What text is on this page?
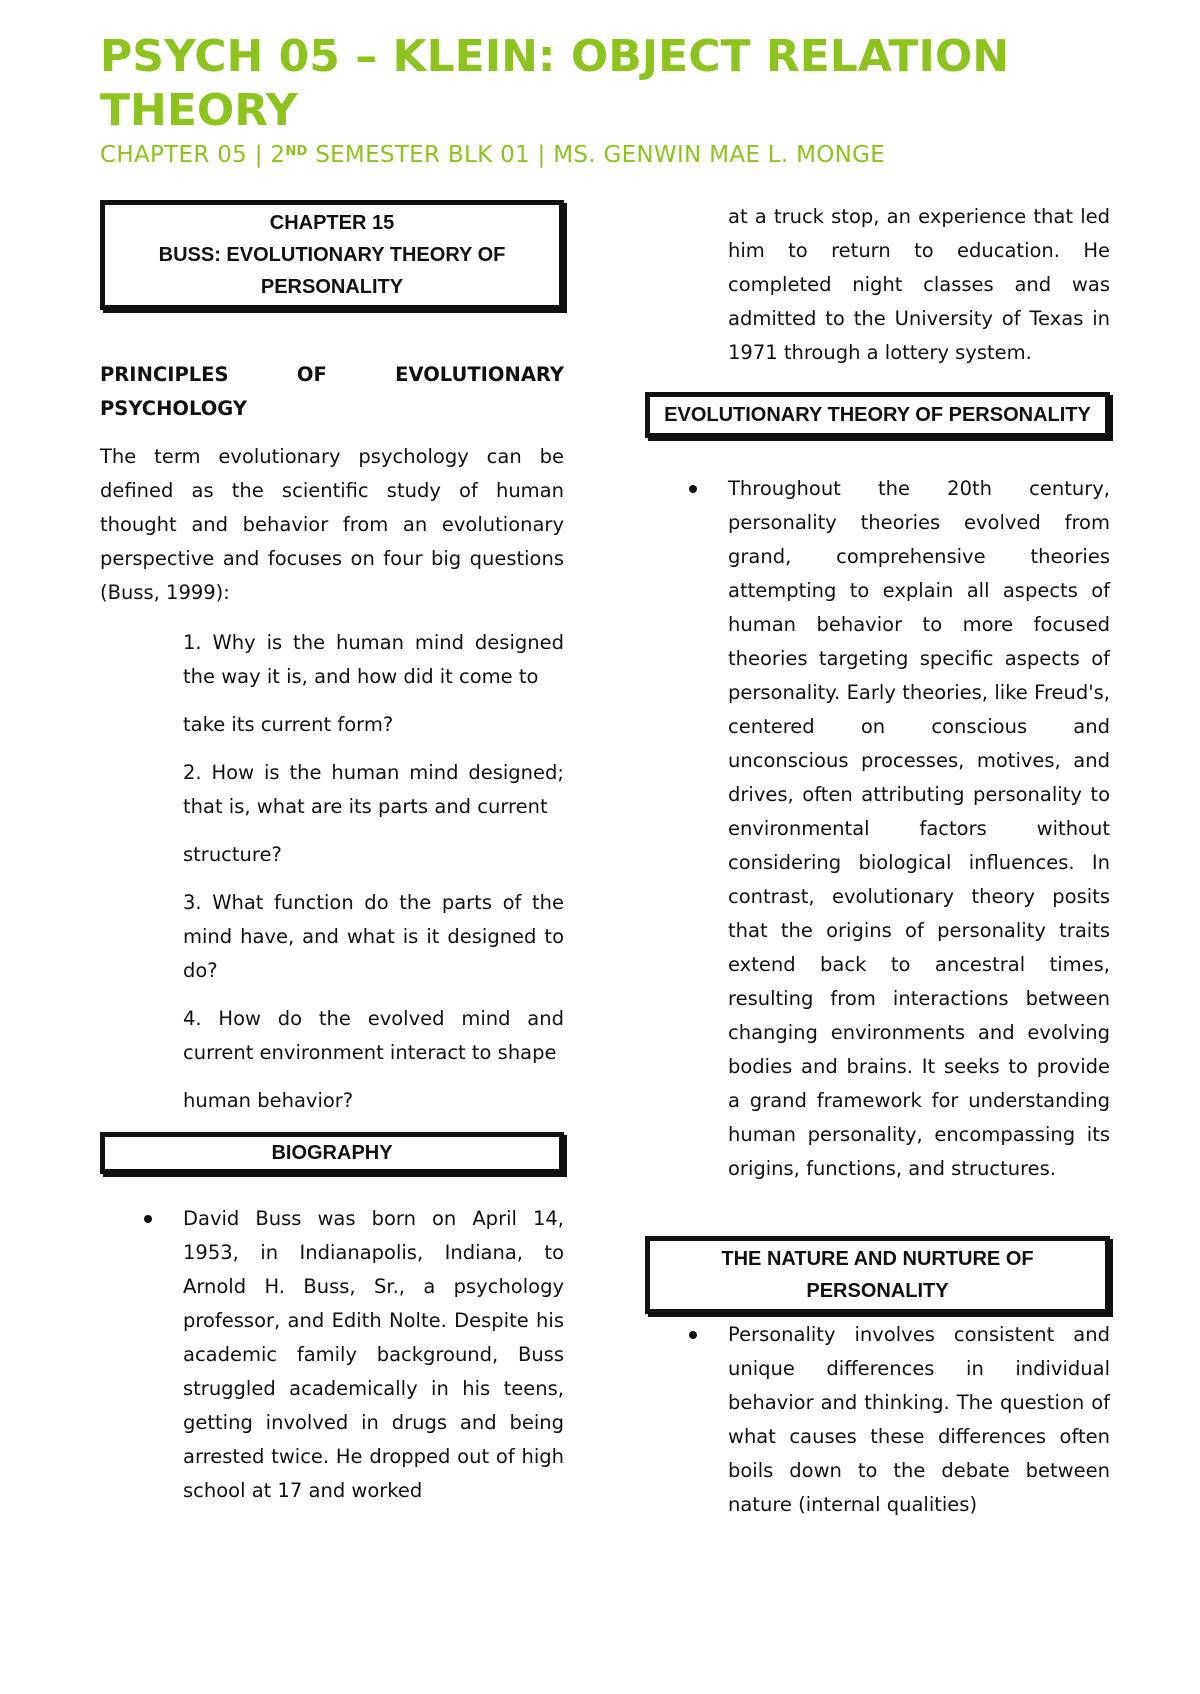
PSYCH 05 – KLEIN: OBJECT RELATION THEORY
CHAPTER 05 | 2ND SEMESTER BLK 01 | MS. GENWIN MAE L. MONGE
CHAPTER 15
BUSS: EVOLUTIONARY THEORY OF PERSONALITY
PRINCIPLES OF EVOLUTIONARY PSYCHOLOGY

The term evolutionary psychology can be defined as the scientific study of human thought and behavior from an evolutionary perspective and focuses on four big questions (Buss, 1999):

1. Why is the human mind designed the way it is, and how did it come to

take its current form?

2. How is the human mind designed; that is, what are its parts and current

structure?

3. What function do the parts of the mind have, and what is it designed to do?

4. How do the evolved mind and current environment interact to shape

human behavior?

BIOGRAPHY

David Buss was born on April 14, 1953, in Indianapolis, Indiana, to Arnold H. Buss, Sr., a psychology professor, and Edith Nolte. Despite his academic family background, Buss struggled academically in his teens, getting involved in drugs and being arrested twice. He dropped out of high school at 17 and worked

at a truck stop, an experience that led him to return to education. He completed night classes and was admitted to the University of Texas in 1971 through a lottery system.

EVOLUTIONARY THEORY OF PERSONALITY

Throughout the 20th century, personality theories evolved from grand, comprehensive theories attempting to explain all aspects of human behavior to more focused theories targeting specific aspects of personality. Early theories, like Freud's, centered on conscious and unconscious processes, motives, and drives, often attributing personality to environmental factors without considering biological influences. In contrast, evolutionary theory posits that the origins of personality traits extend back to ancestral times, resulting from interactions between changing environments and evolving bodies and brains. It seeks to provide a grand framework for understanding human personality, encompassing its origins, functions, and structures.

THE NATURE AND NURTURE OF PERSONALITY

Personality involves consistent and unique differences in individual behavior and thinking. The question of what causes these differences often boils down to the debate between nature (internal qualities)
